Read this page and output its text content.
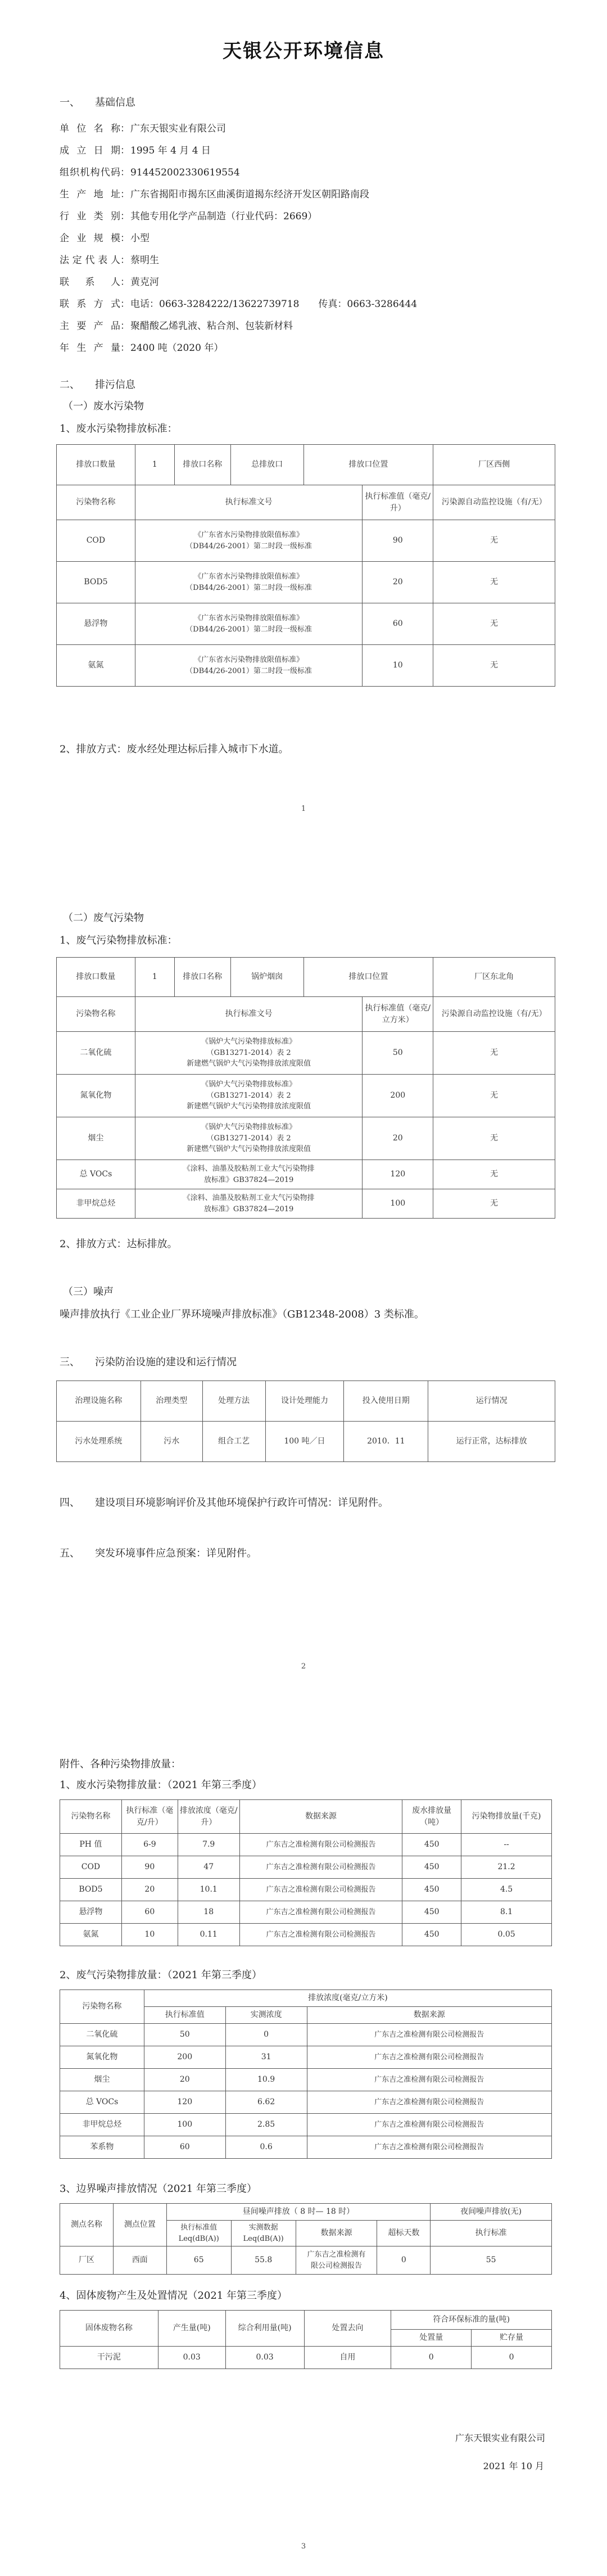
天银公开环境信息
一、　　基础信息
单 位 名 称：广东天银实业有限公司
成 立 日 期：1995 年 4 月 4 日
组织机构代码：914452002330619554
生 产 地 址：广东省揭阳市揭东区曲溪街道揭东经济开发区朝阳路南段
行 业 类 别：其他专用化学产品制造（行业代码：2669）
企 业 规 模：小型
法 定 代 表 人：蔡明生
联 系 人：黄克河
联 系 方 式：电话：0663-3284222/13622739718　　传真：0663-3286444
主 要 产 品：聚醋酸乙烯乳液、粘合剂、包装新材料
年 生 产 量：2400 吨（2020 年）
二、　　排污信息
（一）废水污染物
1、废水污染物排放标准：
排放口数量	1	排放口名称	总排放口	排放口位置		厂区西侧
污染物名称	执行标准文号				执行标准值（毫克/升）	污染源自动监控设施（有/无）
COD	《广东省水污染物排放限值标准》
（DB44/26-2001）第二时段一级标准				90	无
BOD5	《广东省水污染物排放限值标准》
（DB44/26-2001）第二时段一级标准				20	无
悬浮物	《广东省水污染物排放限值标准》
（DB44/26-2001）第二时段一级标准				60	无
氨氮	《广东省水污染物排放限值标准》
（DB44/26-2001）第二时段一级标准				10	无
2、排放方式：废水经处理达标后排入城市下水道。
1
（二）废气污染物
1、废气污染物排放标准：
排放口数量	1	排放口名称	锅炉烟囱	排放口位置		厂区东北角
污染物名称	执行标准文号				执行标准值（毫克/立方米）	污染源自动监控设施（有/无）
二氧化硫	《锅炉大气污染物排放标准》
（GB13271-2014）表 2
新建燃气锅炉大气污染物排放浓度限值				50	无
氮氧化物	《锅炉大气污染物排放标准》
（GB13271-2014）表 2
新建燃气锅炉大气污染物排放浓度限值				200	无
烟尘	《锅炉大气污染物排放标准》
（GB13271-2014）表 2
新建燃气锅炉大气污染物排放浓度限值				20	无
总 VOCs	《涂料、油墨及胶粘剂工业大气污染物排
放标准》GB37824—2019				120	无
非甲烷总烃	《涂料、油墨及胶粘剂工业大气污染物排
放标准》GB37824—2019				100	无
2、排放方式：达标排放。
（三）噪声
噪声排放执行《工业企业厂界环境噪声排放标准》（GB12348-2008）3 类标准。
三、　　污染防治设施的建设和运行情况
治理设施名称	治理类型	处理方法	设计处理能力	投入使用日期	运行情况
污水处理系统	污水	组合工艺	100 吨／日	2010．11	运行正常，达标排放
四、　　建设项目环境影响评价及其他环境保护行政许可情况：详见附件。
五、　　突发环境事件应急预案：详见附件。
2
附件、各种污染物排放量：
1、废水污染物排放量：（2021 年第三季度）
污染物名称	执行标准（毫克/升）	排放浓度（毫克/升）	数据来源	废水排放量（吨）	污染物排放量(千克)
PH 值	6-9	7.9	广东吉之准检测有限公司检测报告	450	--
COD	90	47	广东吉之准检测有限公司检测报告	450	21.2
BOD5	20	10.1	广东吉之准检测有限公司检测报告	450	4.5
悬浮物	60	18	广东吉之准检测有限公司检测报告	450	8.1
氨氮	10	0.11	广东吉之准检测有限公司检测报告	450	0.05
2、废气污染物排放量：（2021 年第三季度）
污染物名称	排放浓度(毫克/立方米)		
	执行标准值	实测浓度	数据来源
二氧化硫	50	0	广东吉之准检测有限公司检测报告
氮氧化物	200	31	广东吉之准检测有限公司检测报告
烟尘	20	10.9	广东吉之准检测有限公司检测报告
总 VOCs	120	6.62	广东吉之准检测有限公司检测报告
非甲烷总烃	100	2.85	广东吉之准检测有限公司检测报告
苯系物	60	0.6	广东吉之准检测有限公司检测报告
3、边界噪声排放情况（2021 年第三季度）
测点名称	测点位置	昼间噪声排放（ 8 时— 18 时）				夜间噪声排放(无)
		执行标准值Leq(dB(A))	实测数据Leq(dB(A))	数据来源	超标天数	执行标准
厂区	西面	65	55.8	广东吉之准检测有
限公司检测报告	0	55
4、固体废物产生及处置情况（2021 年第三季度）
固体废物名称	产生量(吨)	综合利用量(吨)	处置去向	符合环保标准的量(吨)	
				处置量	贮存量
干污泥	0.03	0.03	自用	0	0
广东天银实业有限公司
2021 年 10 月
3
